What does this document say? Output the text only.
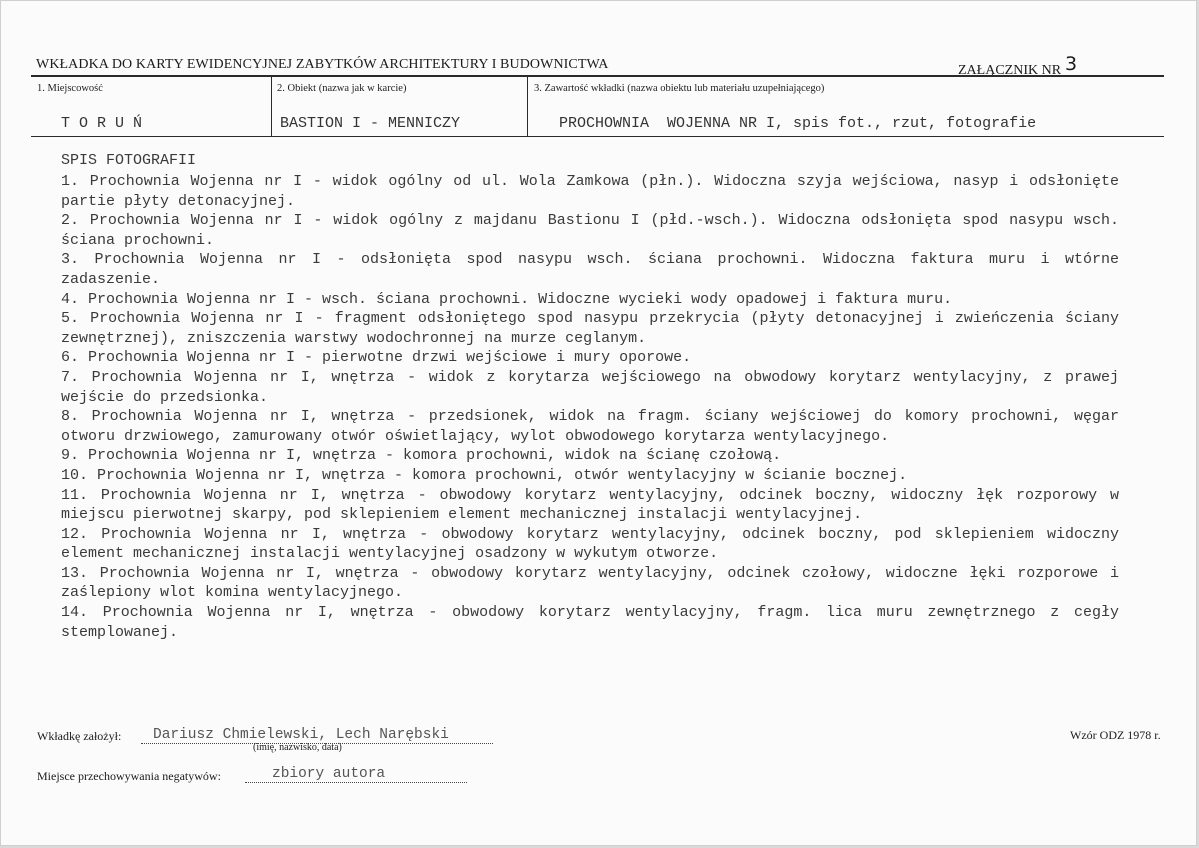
WKŁADKA DO KARTY EWIDENCYJNEJ ZABYTKÓW ARCHITEKTURY I BUDOWNICTWA	ZAŁĄCZNIK NR 3
1. Miejscowość	2. Obiekt (nazwa jak w karcie)	3. Zawartość wkładki (nazwa obiektu lub materiału uzupełniającego)
T O R U Ń	BASTION I - MENNICZY	PROCHOWNIA  WOJENNA NR I, spis fot., rzut, fotografie
SPIS FOTOGRAFII
1. Prochownia Wojenna nr I - widok ogólny od ul. Wola Zamkowa (płn.). Widoczna szyja wejściowa, nasyp i odsłonięte partie płyty detonacyjnej.
2. Prochownia Wojenna nr I - widok ogólny z majdanu Bastionu I (płd.-wsch.). Widoczna odsłonięta spod nasypu wsch. ściana prochowni.
3. Prochownia Wojenna nr I - odsłonięta spod nasypu wsch. ściana prochowni. Widoczna faktura muru i wtórne zadaszenie.
4. Prochownia Wojenna nr I - wsch. ściana prochowni. Widoczne wycieki wody opadowej i faktura muru.
5. Prochownia Wojenna nr I - fragment odsłoniętego spod nasypu przekrycia (płyty detonacyjnej i zwieńczenia ściany zewnętrznej), zniszczenia warstwy wodochronnej na murze ceglanym.
6. Prochownia Wojenna nr I - pierwotne drzwi wejściowe i mury oporowe.
7. Prochownia Wojenna nr I, wnętrza - widok z korytarza wejściowego na obwodowy korytarz wentylacyjny, z prawej wejście do przedsionka.
8. Prochownia Wojenna nr I, wnętrza - przedsionek, widok na fragm. ściany wejściowej do komory prochowni, węgar otworu drzwiowego, zamurowany otwór oświetlający, wylot obwodowego korytarza wentylacyjnego.
9. Prochownia Wojenna nr I, wnętrza - komora prochowni, widok na ścianę czołową.
10. Prochownia Wojenna nr I, wnętrza - komora prochowni, otwór wentylacyjny w ścianie bocznej.
11. Prochownia Wojenna nr I, wnętrza - obwodowy korytarz wentylacyjny, odcinek boczny, widoczny łęk rozporowy w miejscu pierwotnej skarpy, pod sklepieniem element mechanicznej instalacji wentylacyjnej.
12. Prochownia Wojenna nr I, wnętrza - obwodowy korytarz wentylacyjny, odcinek boczny, pod sklepieniem widoczny element mechanicznej instalacji wentylacyjnej osadzony w wykutym otworze.
13. Prochownia Wojenna nr I, wnętrza - obwodowy korytarz wentylacyjny, odcinek czołowy, widoczne łęki rozporowe i zaślepiony wlot komina wentylacyjnego.
14. Prochownia Wojenna nr I, wnętrza - obwodowy korytarz wentylacyjny, fragm. lica muru zewnętrznego z cegły stemplowanej.
Wkładkę założył: Dariusz Chmielewski, Lech Narębski
(imię, nazwisko, data)
Miejsce przechowywania negatywów:	zbiory autora
Wzór ODZ 1978 r.
